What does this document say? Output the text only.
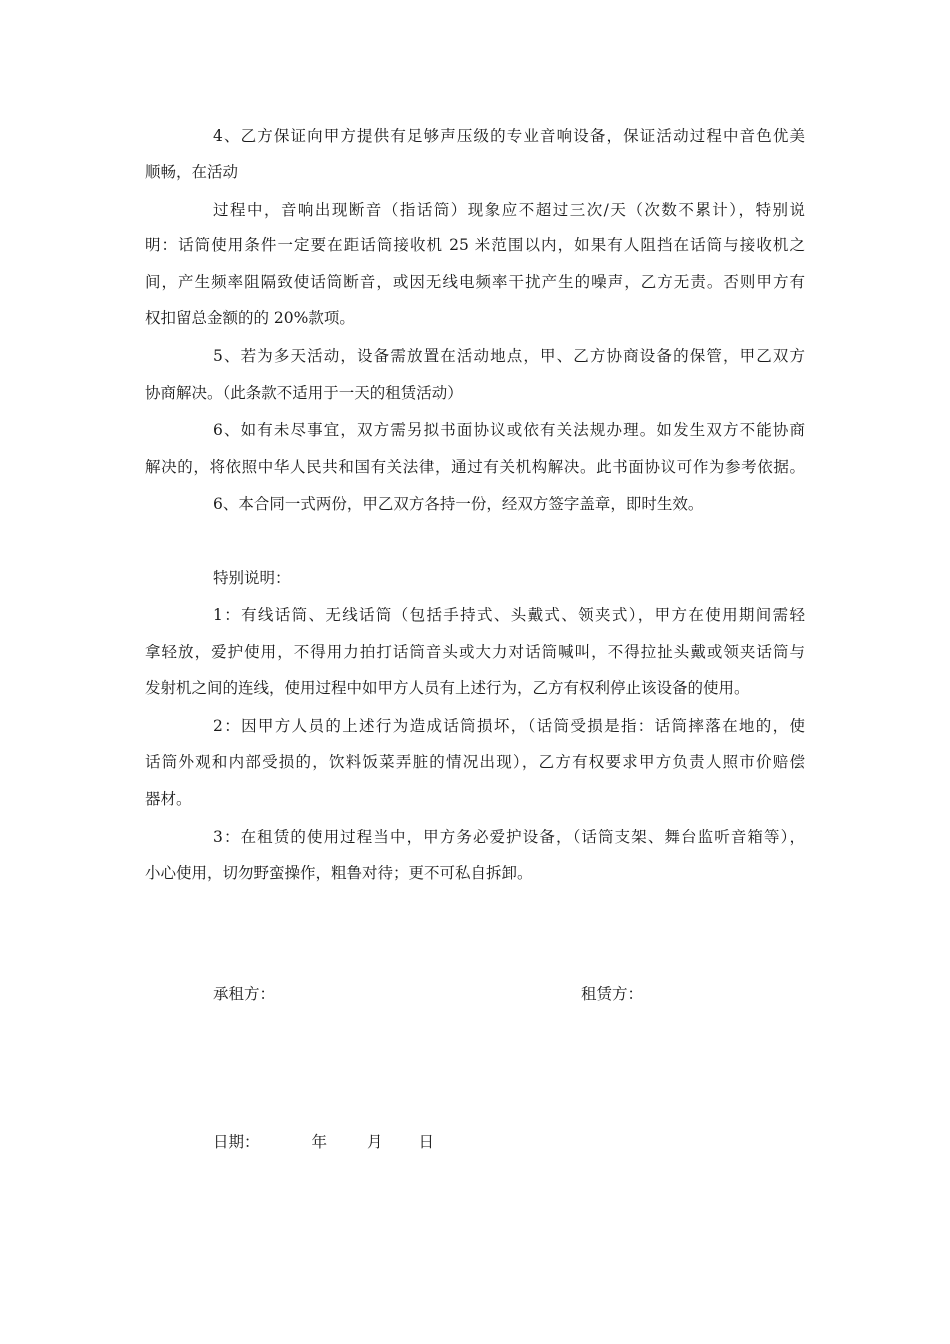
4、乙方保证向甲方提供有足够声压级的专业音响设备，保证活动过程中音色优美
顺畅，在活动
过程中，音响出现断音（指话筒）现象应不超过三次/天（次数不累计），特别说
明：话筒使用条件一定要在距话筒接收机 25 米范围以内，如果有人阻挡在话筒与接收机之
间，产生频率阻隔致使话筒断音，或因无线电频率干扰产生的噪声，乙方无责。否则甲方有
权扣留总金额的的 20%款项。
5、若为多天活动，设备需放置在活动地点，甲、乙方协商设备的保管，甲乙双方
协商解决。（此条款不适用于一天的租赁活动）
6、如有未尽事宜，双方需另拟书面协议或依有关法规办理。如发生双方不能协商
解决的，将依照中华人民共和国有关法律，通过有关机构解决。此书面协议可作为参考依据。
6、本合同一式两份，甲乙双方各持一份，经双方签字盖章，即时生效。
特别说明：
1：有线话筒、无线话筒（包括手持式、头戴式、领夹式），甲方在使用期间需轻
拿轻放，爱护使用，不得用力拍打话筒音头或大力对话筒喊叫，不得拉扯头戴或领夹话筒与
发射机之间的连线，使用过程中如甲方人员有上述行为，乙方有权利停止该设备的使用。
2：因甲方人员的上述行为造成话筒损坏，（话筒受损是指：话筒摔落在地的，使
话筒外观和内部受损的，饮料饭菜弄脏的情况出现），乙方有权要求甲方负责人照市价赔偿
器材。
3：在租赁的使用过程当中，甲方务必爱护设备，（话筒支架、舞台监听音箱等），
小心使用，切勿野蛮操作，粗鲁对待；更不可私自拆卸。
承租方：	租赁方：
日期：	年	月 日
